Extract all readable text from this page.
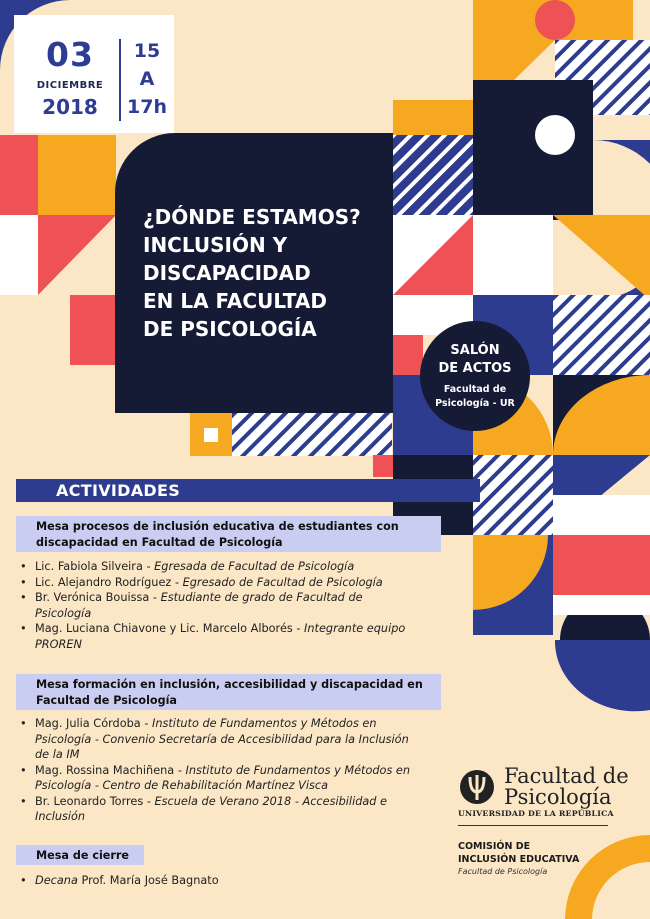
03
DICIEMBRE
2018
15
A
17h
¿DÓNDE ESTAMOS?
INCLUSIÓN Y
DISCAPACIDAD
EN LA FACULTAD
DE PSICOLOGÍA
SALÓN
DE ACTOS
Facultad de
Psicología - UR
ACTIVIDADES
Mesa procesos de inclusión educativa de estudiantes con
discapacidad en Facultad de Psicología
• Lic. Fabiola Silveira - Egresada de Facultad de Psicología
• Lic. Alejandro Rodríguez - Egresado de Facultad de Psicología
• Br. Verónica Bouissa - Estudiante de grado de Facultad de
Psicología
• Mag. Luciana Chiavone y Lic. Marcelo Alborés - Integrante equipo
PROREN
Mesa formación en inclusión, accesibilidad y discapacidad en
Facultad de Psicología
• Mag. Julia Córdoba - Instituto de Fundamentos y Métodos en
Psicología - Convenio Secretaría de Accesibilidad para la Inclusión
de la IM
• Mag. Rossina Machiñena - Instituto de Fundamentos y Métodos en
Psicología - Centro de Rehabilitación Martínez Visca
• Br. Leonardo Torres - Escuela de Verano 2018 - Accesibilidad e
Inclusión
Mesa de cierre
• Decana Prof. María José Bagnato
Facultad de
Psicología
UNIVERSIDAD DE LA REPÚBLICA
COMISIÓN DE
INCLUSIÓN EDUCATIVA
Facultad de Psicología
